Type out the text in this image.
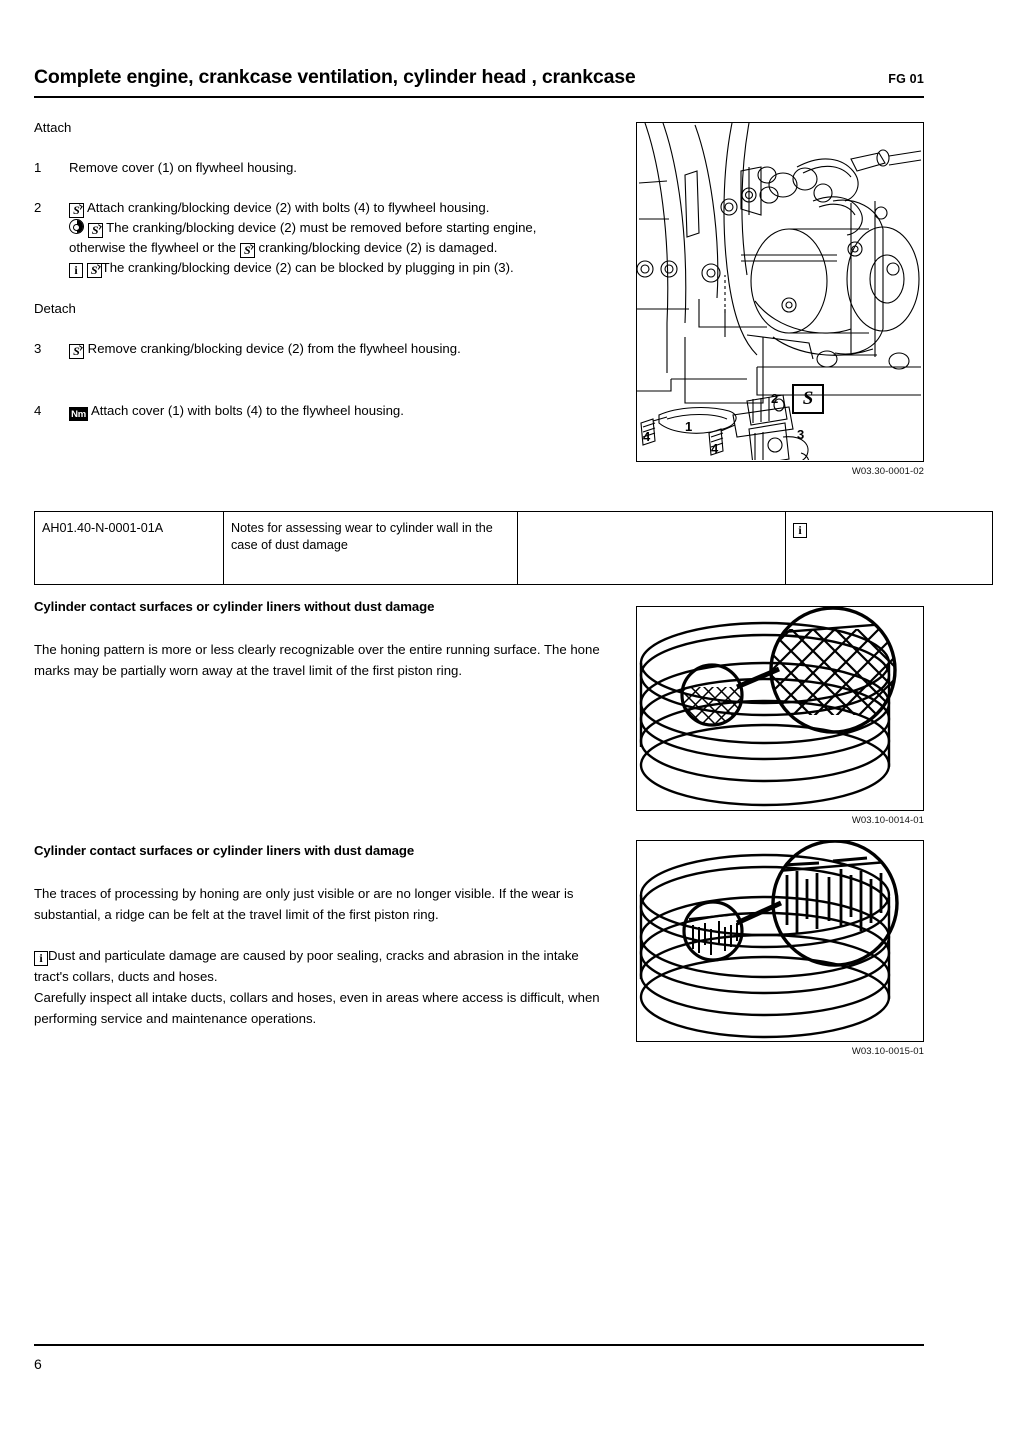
Complete engine, crankcase ventilation, cylinder head , crankcase	FG 01
Attach
1	Remove cover (1) on flywheel housing.
2	S Attach cranking/blocking device (2) with bolts (4) to flywheel housing.
S The cranking/blocking device (2) must be removed before starting engine,
otherwise the flywheel or the S cranking/blocking device (2) is damaged.
i S The cranking/blocking device (2) can be blocked by plugging in pin (3).
Detach
3	S Remove cranking/blocking device (2) from the flywheel housing.
4	Nm Attach cover (1) with bolts (4) to the flywheel housing.
S
1
2
3
4
4
W03.30-0001-02
AH01.40-N-0001-01A	Notes for assessing wear to cylinder wall in the case of dust damage		i
Cylinder contact surfaces or cylinder liners without dust damage

The honing pattern is more or less clearly recognizable over the entire running surface. The hone marks may be partially worn away at the travel limit of the first piston ring.

W03.10-0014-01
Cylinder contact surfaces or cylinder liners with dust damage

The traces of processing by honing are only just visible or are no longer visible. If the wear is substantial, a ridge can be felt at the travel limit of the first piston ring.

i Dust and particulate damage are caused by poor sealing, cracks and abrasion in the intake tract's collars, ducts and hoses.

Carefully inspect all intake ducts, collars and hoses, even in areas where access is difficult, when performing service and maintenance operations.

W03.10-0015-01
6
